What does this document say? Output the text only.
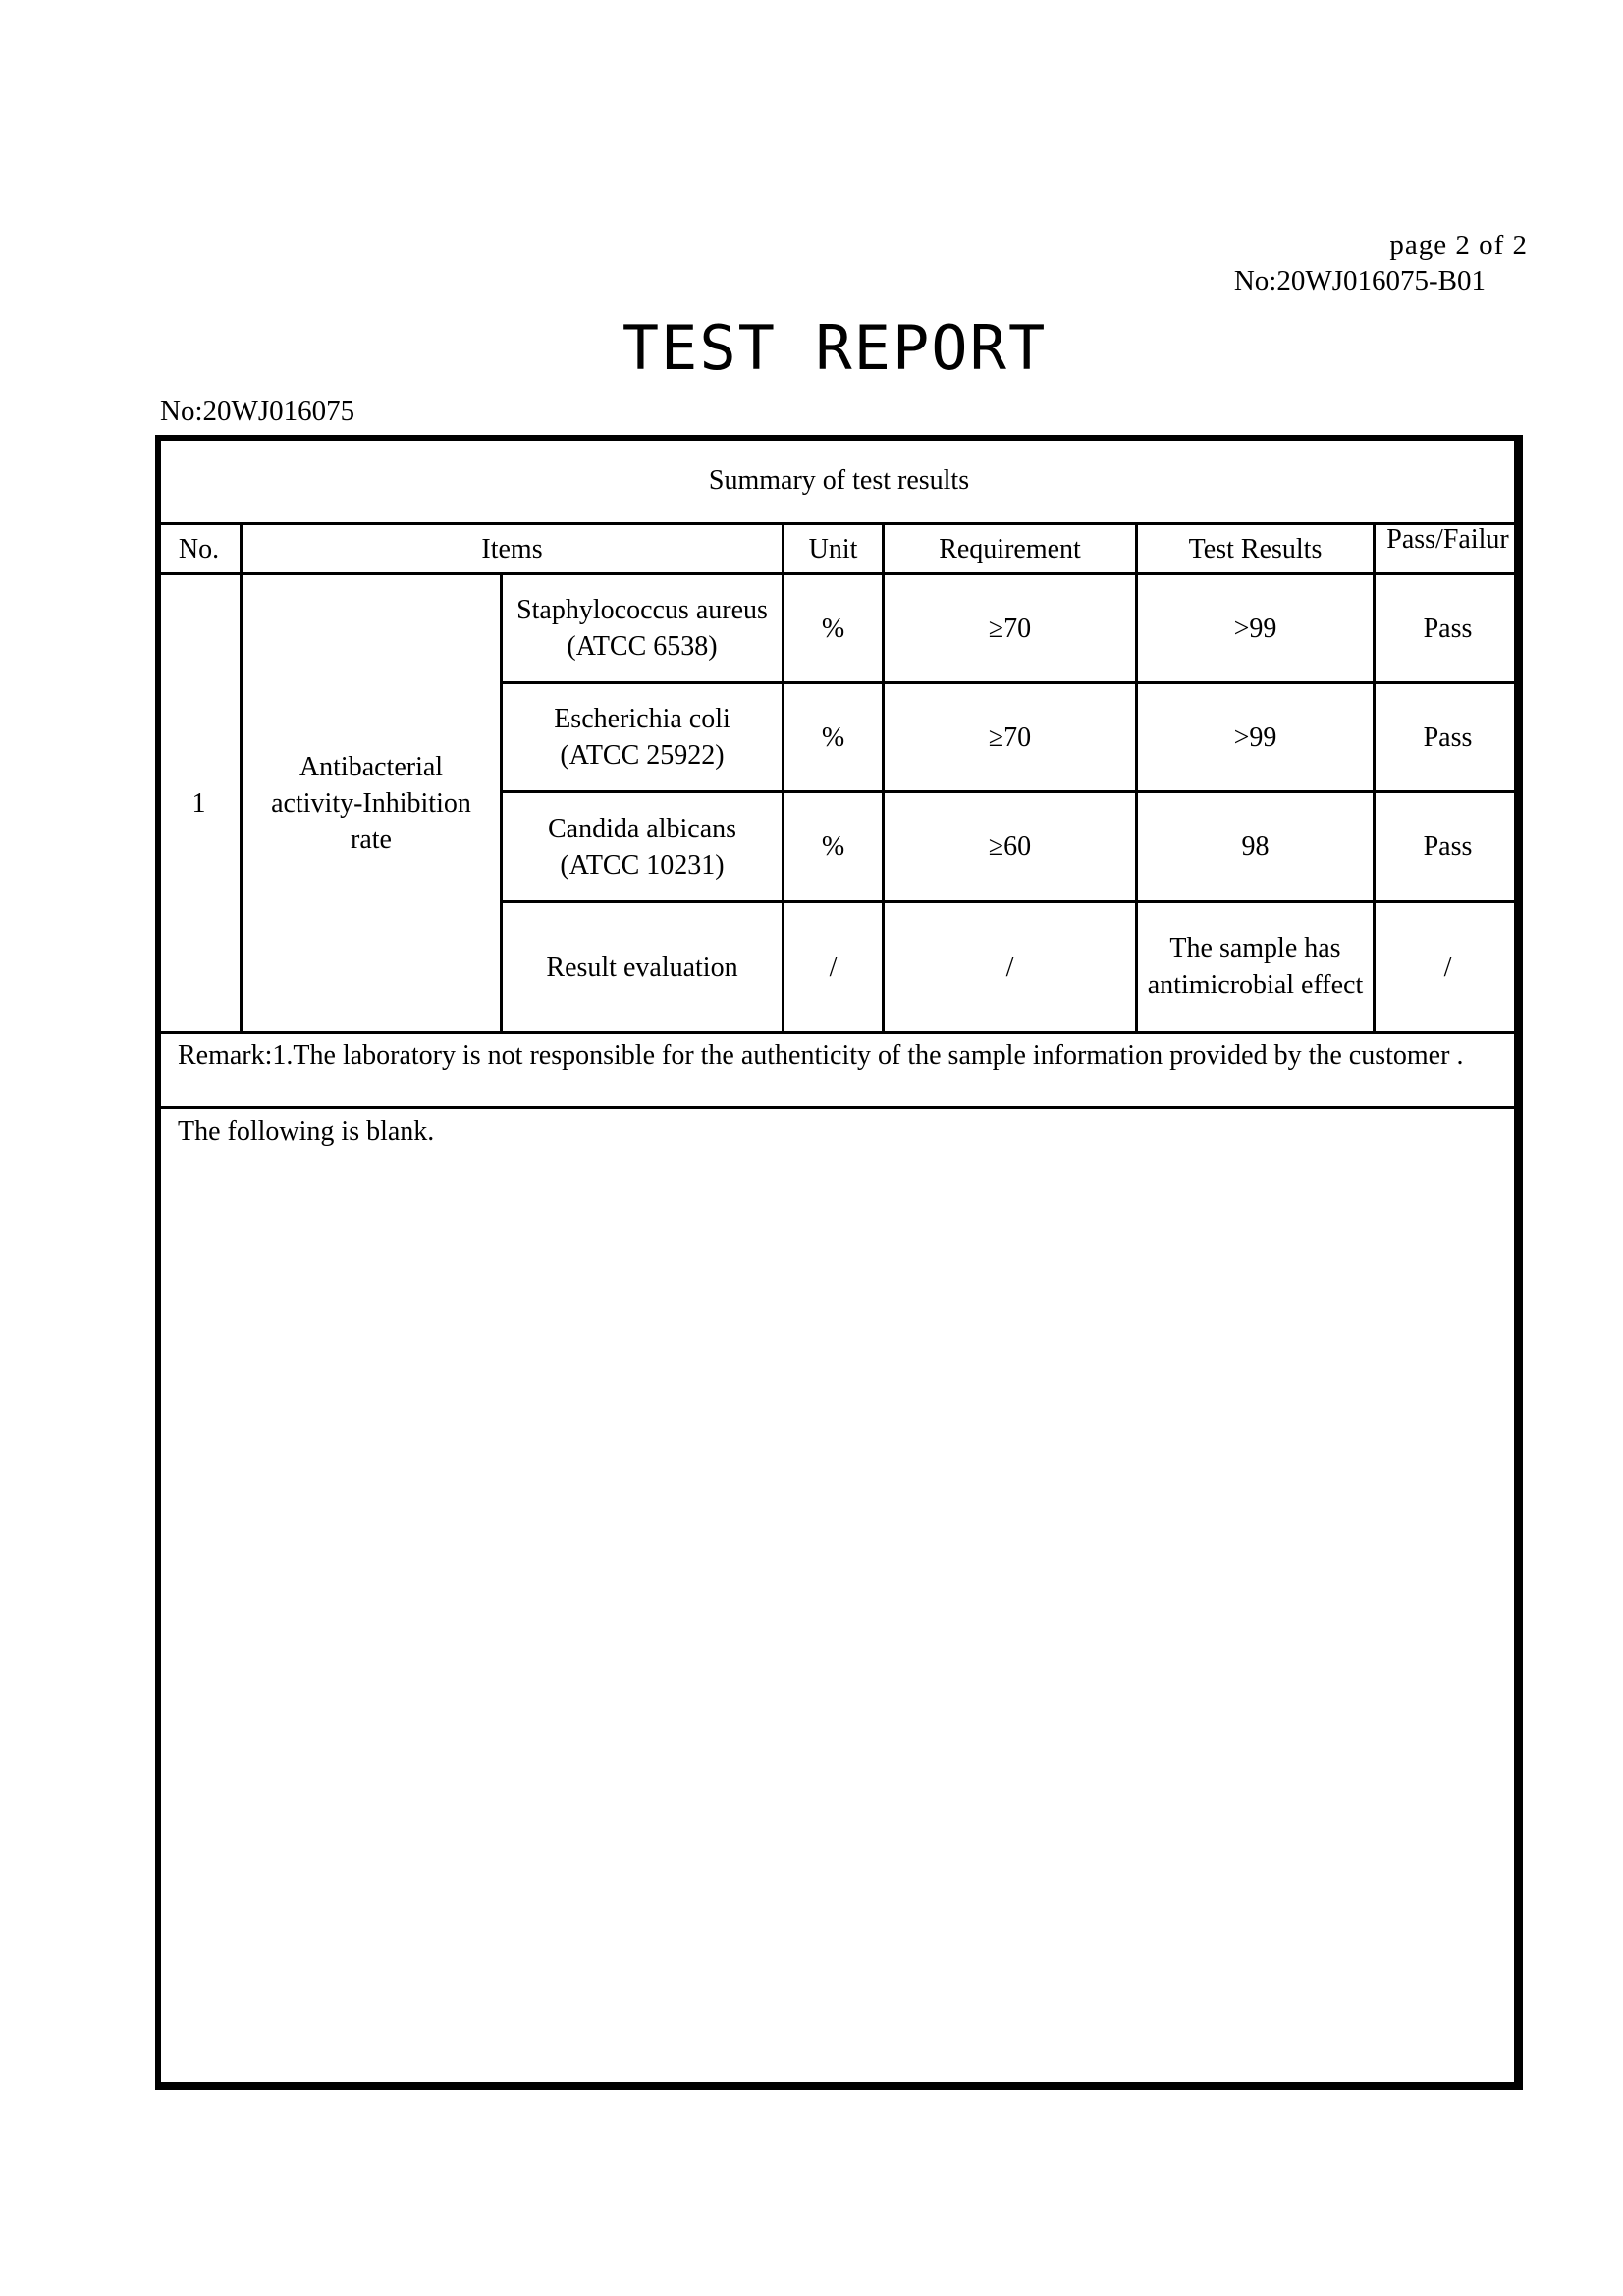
page 2 of 2
No:20WJ016075-B01
TEST REPORT
No:20WJ016075
Summary of test results						
No.	Items		Unit	Requirement	Test Results	Pass/Failur
1	Antibacterial activity-Inhibition rate	Staphylococcus aureus (ATCC 6538)	%	≥70	>99	Pass
		Escherichia coli (ATCC 25922)	%	≥70	>99	Pass
		Candida albicans (ATCC 10231)	%	≥60	98	Pass
		Result evaluation	/	/	The sample has antimicrobial effect	/
Remark:1.The laboratory is not responsible for the authenticity of the sample information provided by the customer .						
The following is blank.						
